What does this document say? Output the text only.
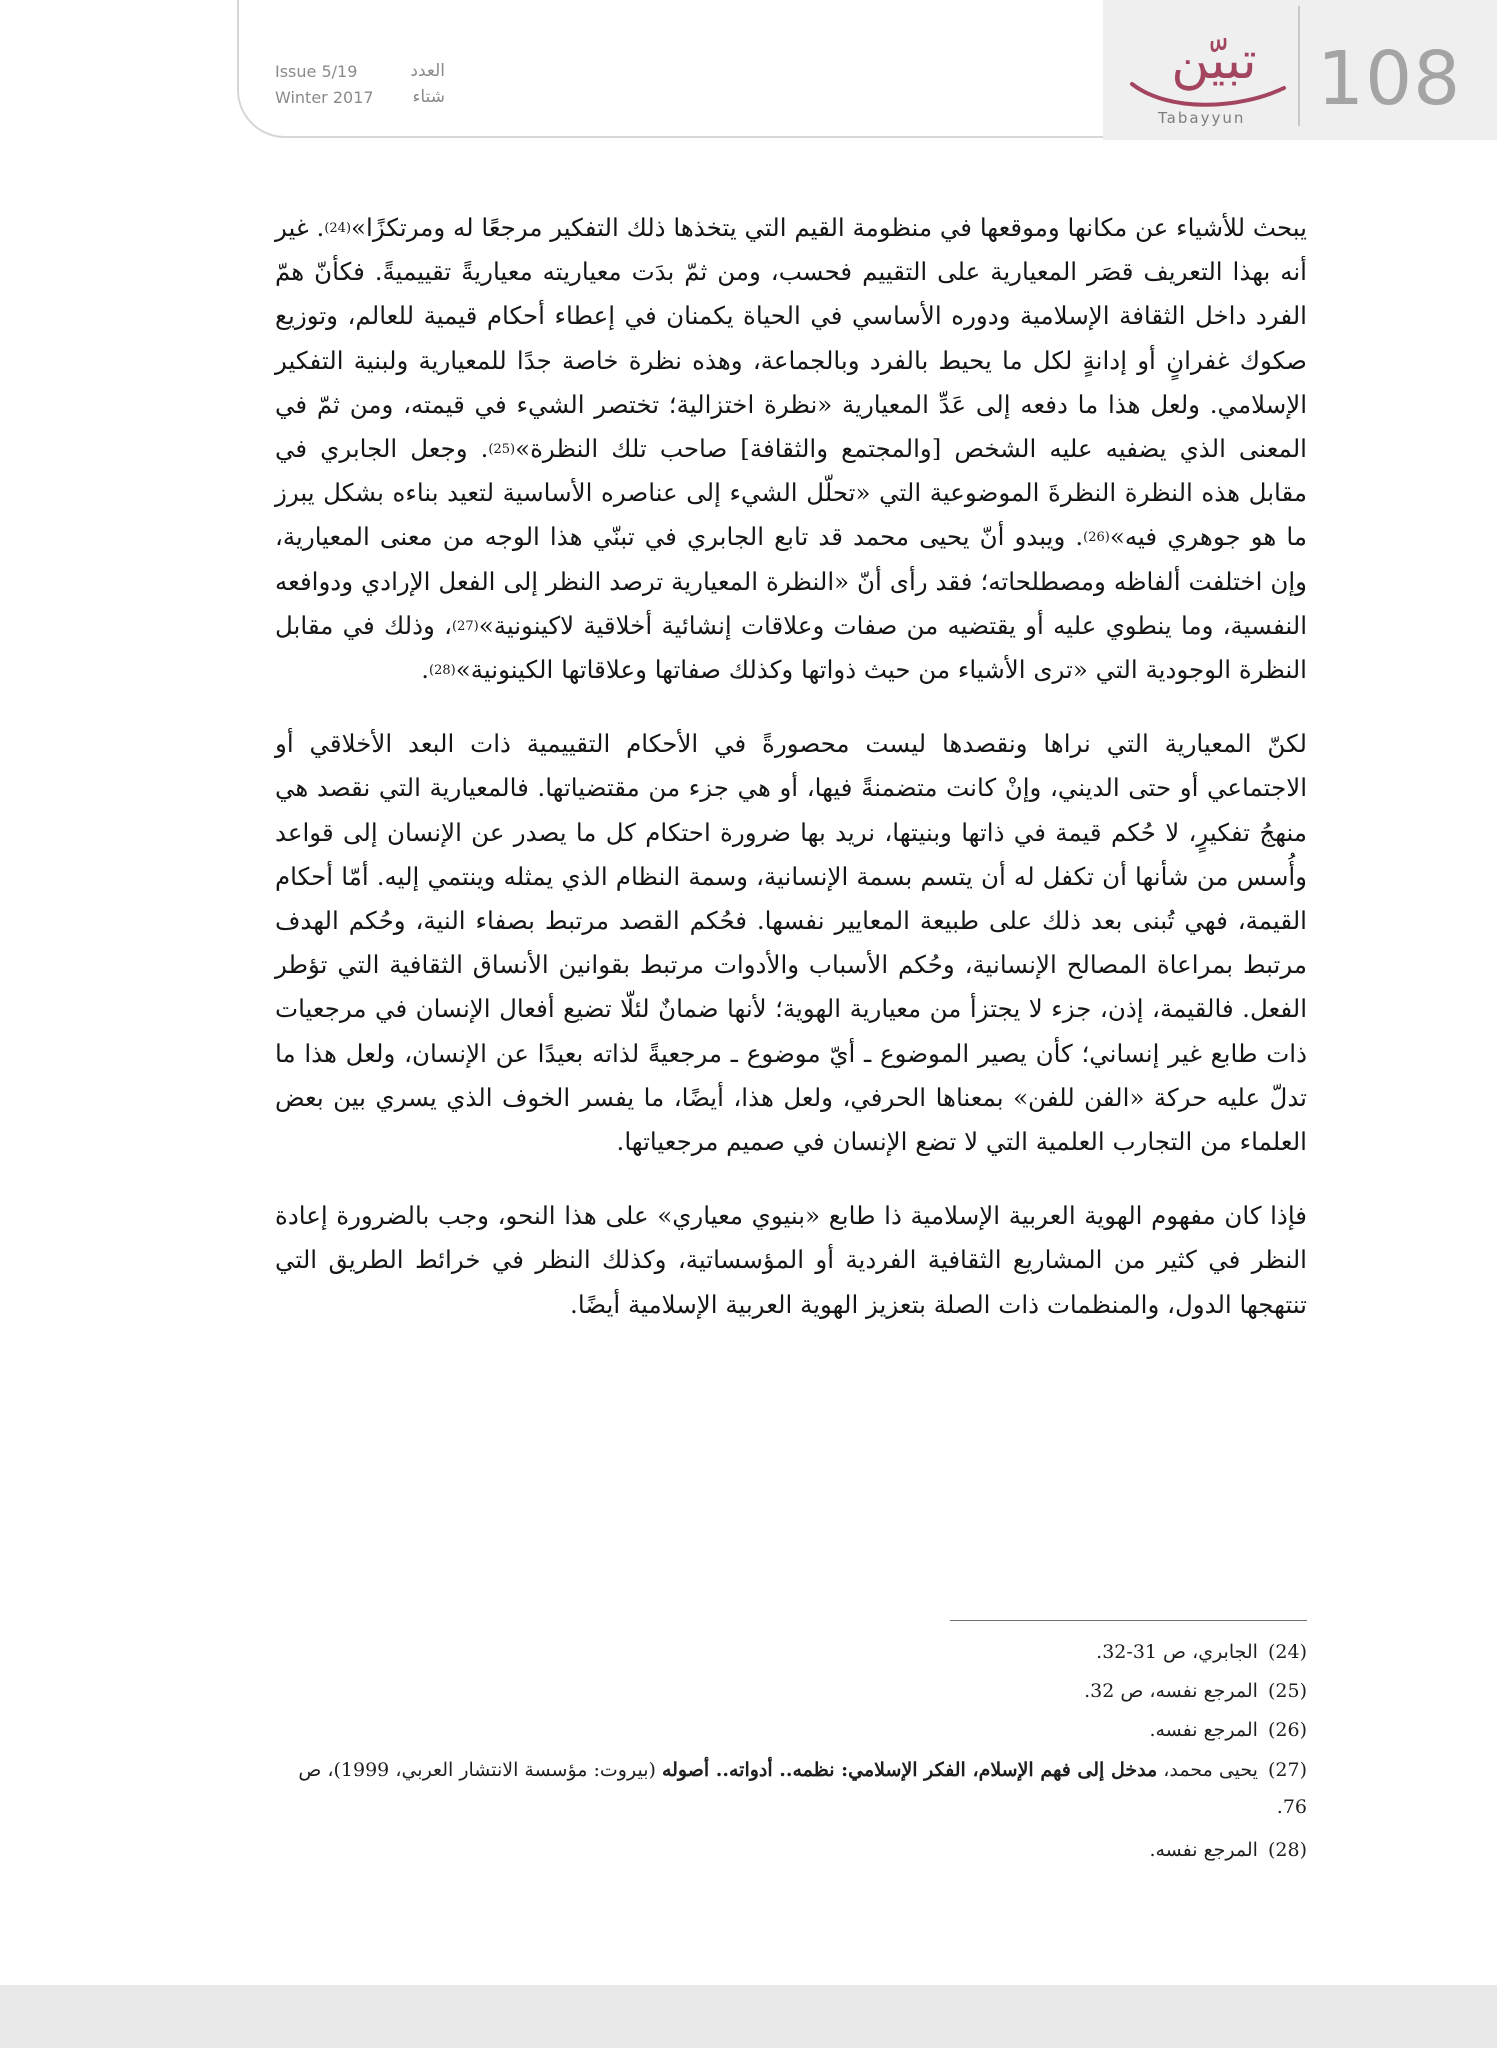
تبيّن
Tabayyun 108
Issue 5/19	العدد
Winter 2017 شتاء

يبحث للأشياء عن مكانها وموقعها في منظومة القيم التي يتخذها ذلك التفكير مرجعًا له ومرتكزًا»$^{(24)}$. غير أنه بهذا التعريف قصَر المعيارية على التقييم فحسب، ومن ثمّ بدَت معياريته معياريةً تقييميةً. فكأنّ همّ الفرد داخل الثقافة الإسلامية ودوره الأساسي في الحياة يكمنان في إعطاء أحكام قيمية للعالم، وتوزيع صكوك غفرانٍ أو إدانةٍ لكل ما يحيط بالفرد وبالجماعة، وهذه نظرة خاصة جدًا للمعيارية ولبنية التفكير الإسلامي. ولعل هذا ما دفعه إلى عَدِّ المعيارية «نظرة اختزالية؛ تختصر الشيء في قيمته، ومن ثمّ في المعنى الذي يضفيه عليه الشخص [والمجتمع والثقافة] صاحب تلك النظرة»$^{(25)}$. وجعل الجابري في مقابل هذه النظرة النظرةَ الموضوعية التي «تحلّل الشيء إلى عناصره الأساسية لتعيد بناءه بشكل يبرز ما هو جوهري فيه»$^{(26)}$. ويبدو أنّ يحيى محمد قد تابع الجابري في تبنّي هذا الوجه من معنى المعيارية، وإن اختلفت ألفاظه ومصطلحاته؛ فقد رأى أنّ «النظرة المعيارية ترصد النظر إلى الفعل الإرادي ودوافعه النفسية، وما ينطوي عليه أو يقتضيه من صفات وعلاقات إنشائية أخلاقية لاكينونية»$^{(27)}$، وذلك في مقابل النظرة الوجودية التي «ترى الأشياء من حيث ذواتها وكذلك صفاتها وعلاقاتها الكينونية»$^{(28)}$.

لكنّ المعيارية التي نراها ونقصدها ليست محصورةً في الأحكام التقييمية ذات البعد الأخلاقي أو الاجتماعي أو حتى الديني، وإنْ كانت متضمنةً فيها، أو هي جزء من مقتضياتها. فالمعيارية التي نقصد هي منهجُ تفكيرٍ، لا حُكم قيمة في ذاتها وبنيتها، نريد بها ضرورة احتكام كل ما يصدر عن الإنسان إلى قواعد وأُسس من شأنها أن تكفل له أن يتسم بسمة الإنسانية، وسمة النظام الذي يمثله وينتمي إليه. أمّا أحكام القيمة، فهي تُبنى بعد ذلك على طبيعة المعايير نفسها. فحُكم القصد مرتبط بصفاء النية، وحُكم الهدف مرتبط بمراعاة المصالح الإنسانية، وحُكم الأسباب والأدوات مرتبط بقوانين الأنساق الثقافية التي تؤطر الفعل. فالقيمة، إذن، جزء لا يجتزأ من معيارية الهوية؛ لأنها ضمانٌ لئلّا تضيع أفعال الإنسان في مرجعيات ذات طابع غير إنساني؛ كأن يصير الموضوع ـ أيّ موضوع ـ مرجعيةً لذاته بعيدًا عن الإنسان، ولعل هذا ما تدلّ عليه حركة «الفن للفن» بمعناها الحرفي، ولعل هذا، أيضًا، ما يفسر الخوف الذي يسري بين بعض العلماء من التجارب العلمية التي لا تضع الإنسان في صميم مرجعياتها.

فإذا كان مفهوم الهوية العربية الإسلامية ذا طابع «بنيوي معياري» على هذا النحو، وجب بالضرورة إعادة النظر في كثير من المشاريع الثقافية الفردية أو المؤسساتية، وكذلك النظر في خرائط الطريق التي تنتهجها الدول، والمنظمات ذات الصلة بتعزيز الهوية العربية الإسلامية أيضًا.

(24)الجابري، ص 31-32.
(25)المرجع نفسه، ص 32.
(26)المرجع نفسه.
(27)يحيى محمد، مدخل إلى فهم الإسلام، الفكر الإسلامي: نظمه.. أدواته.. أصوله (بيروت: مؤسسة الانتشار العربي، 1999)، ص 76.
(28)المرجع نفسه.
